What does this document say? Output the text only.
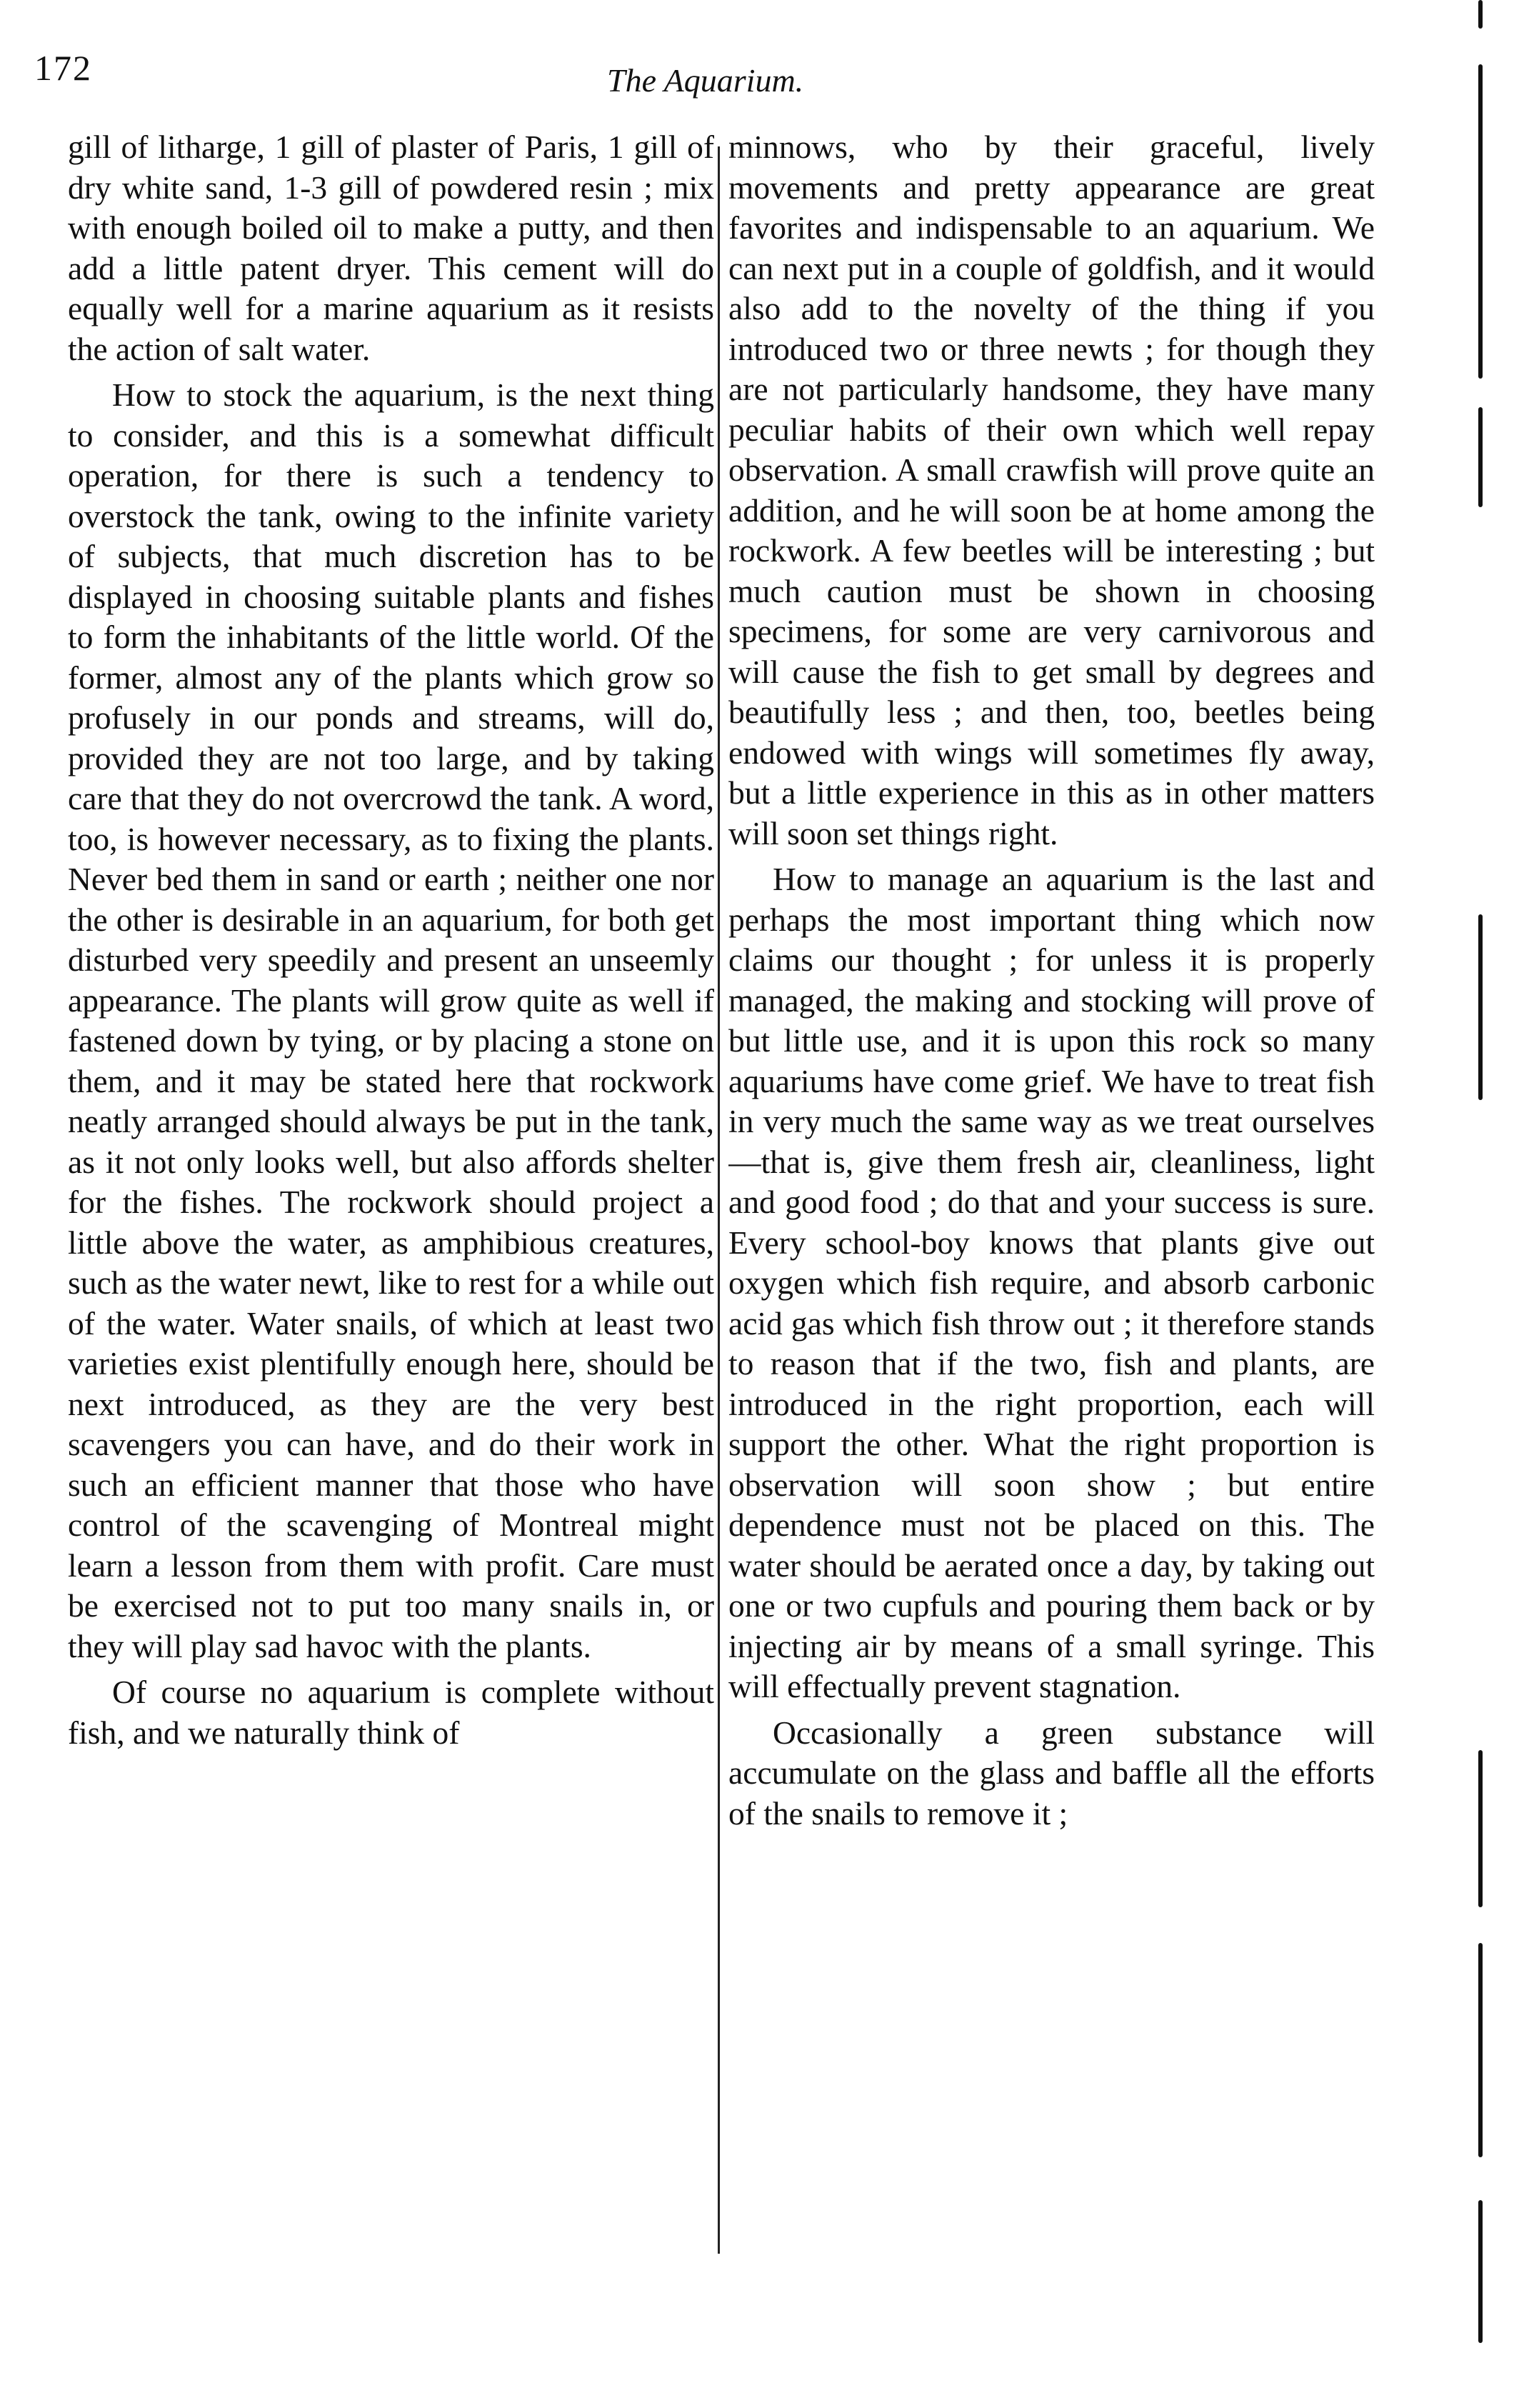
172	The Aquarium.

gill of litharge, 1 gill of plaster of Paris, 1 gill of dry white sand, 1-3 gill of powdered resin ; mix with enough boiled oil to make a putty, and then add a little patent dryer. This cement will do equally well for a marine aquarium as it resists the action of salt water.

How to stock the aquarium, is the next thing to consider, and this is a somewhat difficult operation, for there is such a tendency to overstock the tank, owing to the infinite variety of subjects, that much discretion has to be displayed in choosing suitable plants and fishes to form the inhabitants of the little world. Of the former, almost any of the plants which grow so profusely in our ponds and streams, will do, provided they are not too large, and by taking care that they do not overcrowd the tank. A word, too, is however necessary, as to fixing the plants. Never bed them in sand or earth ; neither one nor the other is desirable in an aquarium, for both get disturbed very speedily and present an unseemly appearance. The plants will grow quite as well if fastened down by tying, or by placing a stone on them, and it may be stated here that rockwork neatly arranged should always be put in the tank, as it not only looks well, but also affords shelter for the fishes. The rockwork should project a little above the water, as amphibious creatures, such as the water newt, like to rest for a while out of the water. Water snails, of which at least two varieties exist plentifully enough here, should be next introduced, as they are the very best scavengers you can have, and do their work in such an efficient manner that those who have control of the scavenging of Montreal might learn a lesson from them with profit. Care must be exercised not to put too many snails in, or they will play sad havoc with the plants.

Of course no aquarium is complete without fish, and we naturally think of

minnows, who by their graceful, lively movements and pretty appearance are great favorites and indispensable to an aquarium. We can next put in a couple of goldfish, and it would also add to the novelty of the thing if you introduced two or three newts ; for though they are not particularly handsome, they have many peculiar habits of their own which well repay observation. A small crawfish will prove quite an addition, and he will soon be at home among the rockwork. A few beetles will be interesting ; but much caution must be shown in choosing specimens, for some are very carnivorous and will cause the fish to get small by degrees and beautifully less ; and then, too, beetles being endowed with wings will sometimes fly away, but a little experience in this as in other matters will soon set things right.

How to manage an aquarium is the last and perhaps the most important thing which now claims our thought ; for unless it is properly managed, the making and stocking will prove of but little use, and it is upon this rock so many aquariums have come grief. We have to treat fish in very much the same way as we treat ourselves—that is, give them fresh air, cleanliness, light and good food ; do that and your success is sure. Every school-boy knows that plants give out oxygen which fish require, and absorb carbonic acid gas which fish throw out ; it therefore stands to reason that if the two, fish and plants, are introduced in the right proportion, each will support the other. What the right proportion is observation will soon show ; but entire dependence must not be placed on this. The water should be aerated once a day, by taking out one or two cupfuls and pouring them back or by injecting air by means of a small syringe. This will effectually prevent stagnation.

Occasionally a green substance will accumulate on the glass and baffle all the efforts of the snails to remove it ;
